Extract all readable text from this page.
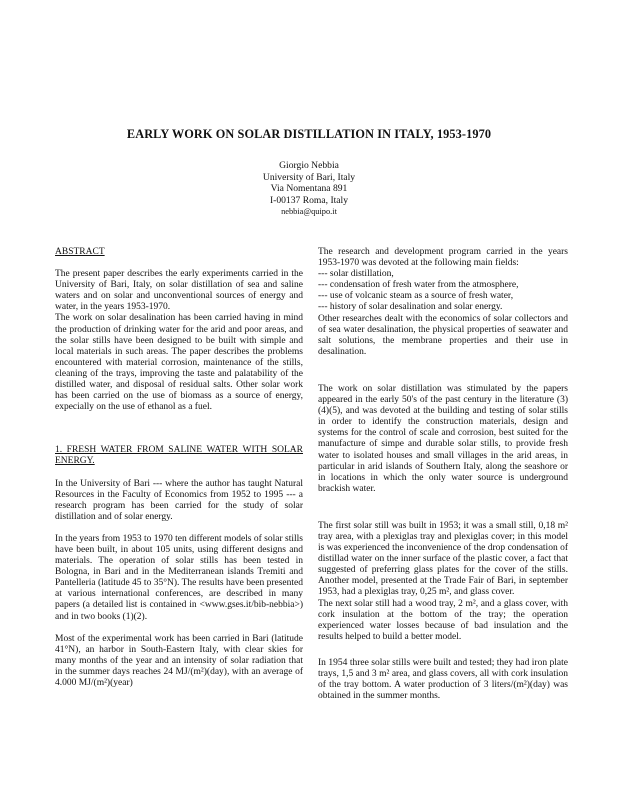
EARLY WORK ON SOLAR DISTILLATION IN ITALY, 1953-1970
Giorgio Nebbia
University of Bari, Italy
Via Nomentana 891
I-00137 Roma, Italy
nebbia@quipo.it

ABSTRACT

The present paper describes the early experiments carried in the University of Bari, Italy, on solar distillation of sea and saline waters and on solar and unconventional sources of energy and water, in the years 1953-1970.

The work on solar desalination has been carried having in mind the production of drinking water for the arid and poor areas, and the solar stills have been designed to be built with simple and local materials in such areas. The paper describes the problems encountered with material corrosion, maintenance of the stills, cleaning of the trays, improving the taste and palatability of the distilled water, and disposal of residual salts. Other solar work has been carried on the use of biomass as a source of energy, expecially on the use of ethanol as a fuel.

1. FRESH WATER FROM SALINE WATER WITH SOLAR ENERGY.

In the University of Bari --- where the author has taught Natural Resources in the Faculty of Economics from 1952 to 1995 --- a research program has been carried for the study of solar distillation and of solar energy.

In the years from 1953 to 1970 ten different models of solar stills have been built, in about 105 units, using different designs and materials. The operation of solar stills has been tested in Bologna, in Bari and in the Mediterranean islands Tremiti and Pantelleria (latitude 45 to 35°N). The results have been presented at various international conferences, are described in many papers (a detailed list is contained in <www.gses.it/bib-nebbia>) and in two books (1)(2).

Most of the experimental work has been carried in Bari (latitude 41°N), an harbor in South-Eastern Italy, with clear skies for many months of the year and an intensity of solar radiation that in the summer days reaches 24 MJ/(m²)(day), with an average of 4.000 MJ/(m²)(year)

The research and development program carried in the years 1953-1970 was devoted at the following main fields:

--- solar distillation,

--- condensation of fresh water from the atmosphere,

--- use of volcanic steam as a source of fresh water,

--- history of solar desalination and solar energy.

Other researches dealt with the economics of solar collectors and of sea water desalination, the physical properties of seawater and salt solutions, the membrane properties and their use in desalination.

The work on solar distillation was stimulated by the papers appeared in the early 50's of the past century in the literature (3)(4)(5), and was devoted at the building and testing of solar stills in order to identify the construction materials, design and systems for the control of scale and corrosion, best suited for the manufacture of simpe and durable solar stills, to provide fresh water to isolated houses and small villages in the arid areas, in particular in arid islands of Southern Italy, along the seashore or in locations in which the only water source is underground brackish water.

The first solar still was built in 1953; it was a small still, 0,18 m² tray area, with a plexiglas tray and plexiglas cover; in this model is was experienced the inconvenience of the drop condensation of distillad water on the inner surface of the plastic cover, a fact that suggested of preferring glass plates for the cover of the stills. Another model, presented at the Trade Fair of Bari, in september 1953, had a plexiglas tray, 0,25 m², and glass cover.

The next solar still had a wood tray, 2 m², and a glass cover, with cork insulation at the bottom of the tray; the operation experienced water losses because of bad insulation and the results helped to build a better model.

In 1954 three solar stills were built and tested; they had iron plate trays, 1,5 and 3 m² area, and glass covers, all with cork insulation of the tray bottom. A water production of 3 liters/(m²)(day) was obtained in the summer months.
